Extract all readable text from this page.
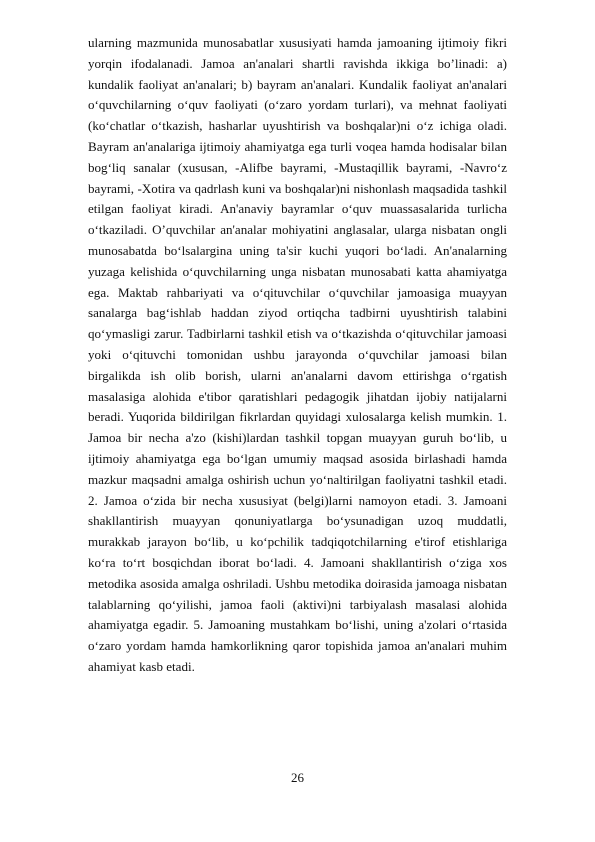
ularning mazmunida munosabatlar xususiyati hamda jamoaning ijtimoiy fikri yorqin ifodalanadi. Jamoa an'analari shartli ravishda ikkiga bo’linadi: a) kundalik faoliyat an'analari; b) bayram an'analari. Kundalik faoliyat an'analari o‘quvchilarning o‘quv faoliyati (o‘zaro yordam turlari), va mehnat faoliyati (ko‘chatlar o‘tkazish, hasharlar uyushtirish va boshqalar)ni o‘z ichiga oladi. Bayram an'analariga ijtimoiy ahamiyatga ega turli voqea hamda hodisalar bilan bog‘liq sanalar (xususan, -Alifbe bayrami, -Mustaqillik bayrami, -Navro‘z bayrami, -Xotira va qadrlash kuni va boshqalar)ni nishonlash maqsadida tashkil etilgan faoliyat kiradi. An'anaviy bayramlar o‘quv muassasalarida turlicha o‘tkaziladi. O’quvchilar an'analar mohiyatini anglasalar, ularga nisbatan ongli munosabatda bo‘lsalargina uning ta'sir kuchi yuqori bo‘ladi. An'analarning yuzaga kelishida o‘quvchilarning unga nisbatan munosabati katta ahamiyatga ega. Maktab rahbariyati va o‘qituvchilar o‘quvchilar jamoasiga muayyan sanalarga bag‘ishlab haddan ziyod ortiqcha tadbirni uyushtirish talabini qo‘ymasligi zarur. Tadbirlarni tashkil etish va o‘tkazishda o‘qituvchilar jamoasi yoki o‘qituvchi tomonidan ushbu jarayonda o‘quvchilar jamoasi bilan birgalikda ish olib borish, ularni an'analarni davom ettirishga o‘rgatish masalasiga alohida e'tibor qaratishlari pedagogik jihatdan ijobiy natijalarni beradi. Yuqorida bildirilgan fikrlardan quyidagi xulosalarga kelish mumkin. 1. Jamoa bir necha a'zo (kishi)lardan tashkil topgan muayyan guruh bo‘lib, u ijtimoiy ahamiyatga ega bo‘lgan umumiy maqsad asosida birlashadi hamda mazkur maqsadni amalga oshirish uchun yo‘naltirilgan faoliyatni tashkil etadi. 2. Jamoa o‘zida bir necha xususiyat (belgi)larni namoyon etadi. 3. Jamoani shakllantirish muayyan qonuniyatlarga bo‘ysunadigan uzoq muddatli, murakkab jarayon bo‘lib, u ko‘pchilik tadqiqotchilarning e'tirof etishlariga ko‘ra to‘rt bosqichdan iborat bo‘ladi. 4. Jamoani shakllantirish o‘ziga xos metodika asosida amalga oshriladi. Ushbu metodika doirasida jamoaga nisbatan talablarning qo‘yilishi, jamoa faoli (aktivi)ni tarbiyalash masalasi alohida ahamiyatga egadir. 5. Jamoaning mustahkam bo‘lishi, uning a'zolari o‘rtasida o‘zaro yordam hamda hamkorlikning qaror topishida jamoa an'analari muhim ahamiyat kasb etadi.

26
